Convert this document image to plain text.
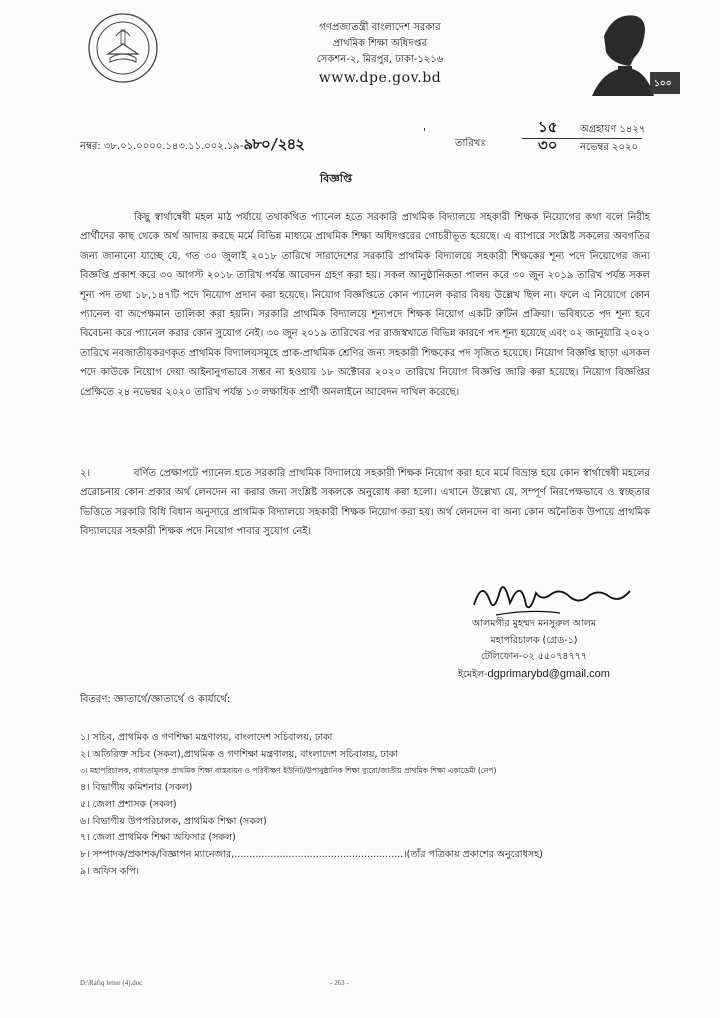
গণপ্রজাতন্ত্রী বাংলাদেশ সরকার
প্রাথমিক শিক্ষা অধিদপ্তর
সেকশন-২, মিরপুর, ঢাকা-১২১৬
www.dpe.gov.bd	১০০
নম্বর: ৩৮.০১.০০০০.১৪৩.১১.০০২.১৯-৯৮০/২৪২
'
তারিখঃ
১৫ অগ্রহায়ণ ১৪২৭
৩০ নভেম্বর ২০২০
বিজ্ঞপ্তি
কিছু স্বার্থান্বেষী মহল মাঠ পর্যায়ে তথাকথিত প্যানেল হতে সরকারি প্রাথমিক বিদ্যালয়ে সহকারী শিক্ষক নিয়োগের কথা বলে নিরীহ প্রার্থীদের কাছ থেকে অর্থ আদায় করছে মর্মে বিভিন্ন মাধ্যমে প্রাথমিক শিক্ষা অধিদপ্তরের গোচরীভূত হয়েছে। এ ব্যাপারে সংশ্লিষ্ট সকলের অবগতির জন্য জানানো যাচ্ছে যে, গত ৩০ জুলাই ২০১৮ তারিখে সারাদেশের সরকারি প্রাথমিক বিদ্যালয়ে সহকারী শিক্ষকের শূন্য পদে নিয়োগের জন্য বিজ্ঞপ্তি প্রকাশ করে ৩০ আগস্ট ২০১৮ তারিখ পর্যন্ত আবেদন গ্রহণ করা হয়। সকল আনুষ্ঠানিকতা পালন করে ৩০ জুন ২০১৯ তারিখ পর্যন্ত সকল শূন্য পদ তথা ১৮,১৪৭টি পদে নিয়োগ প্রদান করা হয়েছে। নিয়োগ বিজ্ঞপ্তিতে কোন প্যানেল করার বিষয় উল্লেখ ছিল না। ফলে এ নিয়োগে কোন প্যানেল বা অপেক্ষমান তালিকা করা হয়নি। সরকারি প্রাথমিক বিদ্যালয়ে শূন্যপদে শিক্ষক নিয়োগ একটি রুটিন প্রক্রিয়া। ভবিষ্যতে পদ শূন্য হবে বিবেচনা করে প্যানেল করার কোন সুযোগ নেই। ৩০ জুন ২০১৯ তারিখের পর রাজস্বখাতে বিভিন্ন কারণে পদ শূন্য হয়েছে এবং ০২ জানুয়ারি ২০২০ তারিখে নবজাতীয়করণকৃত প্রাথমিক বিদ্যালয়সমূহে প্রাক-প্রাথমিক শ্রেণির জন্য সহকারী শিক্ষকের পদ সৃজিত হয়েছে। নিয়োগ বিজ্ঞপ্তি ছাড়া এসকল পদে কাউকে নিয়োগ দেয়া আইনানুগভাবে সম্ভব না হওয়ায় ১৮ অক্টোবর ২০২০ তারিখে নিয়োগ বিজ্ঞপ্তি জারি করা হয়েছে। নিয়োগ বিজ্ঞপ্তির প্রেক্ষিতে ২৪ নভেম্বর ২০২০ তারিখ পর্যন্ত ১৩ লক্ষাধিক প্রার্থী অনলাইনে আবেদন দাখিল করেছে।
২।	বর্ণিত প্রেক্ষাপটে প্যানেল হতে সরকারি প্রাথমিক বিদ্যালয়ে সহকারী শিক্ষক নিয়োগ করা হবে মর্মে বিভ্রান্ত হয়ে কোন স্বার্থান্বেষী মহলের প্ররোচনায় কোন প্রকার অর্থ লেনদেন না করার জন্য সংশ্লিষ্ট সকলকে অনুরোধ করা হলো। এখানে উল্লেখ্য যে, সম্পূর্ণ নিরপেক্ষভাবে ও স্বচ্ছতার ভিত্তিতে সরকারি বিধি বিধান অনুসারে প্রাথমিক বিদ্যালয়ে সহকারী শিক্ষক নিয়োগ করা হয়। অর্থ লেনদেন বা অন্য কোন অনৈতিক উপায়ে প্রাথমিক বিদ্যালয়ের সহকারী শিক্ষক পদে নিয়োগ পাবার সুযোগ নেই।
আলমগীর মুহম্মদ মনসুরুল আলম
মহাপরিচালক (গ্রেড-১)
টেলিফোন-০২ ৫৫০৭৪৭৭৭
ইমেইল-dgprimarybd@gmail.com
বিতরণ: জ্ঞাতার্থে/জ্ঞাতার্থে ও কার্যার্থে:
১। সচিব, প্রাথমিক ও গণশিক্ষা মন্ত্রণালয়, বাংলাদেশ সচিবালয়, ঢাকা
২। অতিরিক্ত সচিব (সকল),প্রাথমিক ও গণশিক্ষা মন্ত্রণালয়, বাংলাদেশ সচিবালয়, ঢাকা
৩। মহাপরিচালক, বাধ্যতামূলক প্রাথমিক শিক্ষা বাস্তবায়ন ও পরিবীক্ষণ ইউনিট/উপানুষ্ঠানিক শিক্ষা ব্যুরো/জাতীয় প্রাথমিক শিক্ষা একাডেমী (নেপ)
৪। বিভাগীয় কমিশনার (সকল)
৫। জেলা প্রশাসক (সকল)
৬। বিভাগীয় উপপরিচালক, প্রাথমিক শিক্ষা (সকল)
৭। জেলা প্রাথমিক শিক্ষা অফিসার (সকল)
৮। সম্পাদক/প্রকাশক/বিজ্ঞাপন ম্যানেজার,........................................................।(তাঁর পত্রিকায় প্রকাশের অনুরোধসহ)
৯। অফিস কপি।
D:\Rafiq letter (4).doc	- 263 -
